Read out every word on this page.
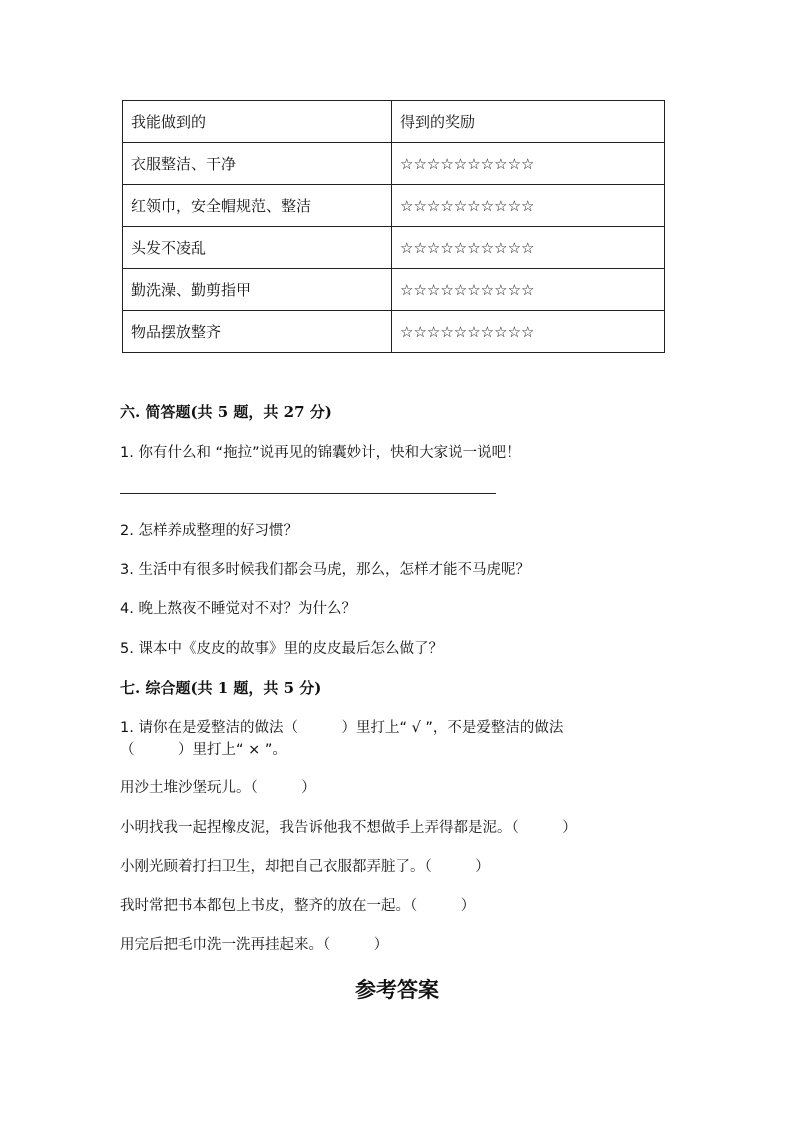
我能做到的	得到的奖励
衣服整洁、干净	☆☆☆☆☆☆☆☆☆☆
红领巾，安全帽规范、整洁	☆☆☆☆☆☆☆☆☆☆
头发不凌乱	☆☆☆☆☆☆☆☆☆☆
勤洗澡、勤剪指甲	☆☆☆☆☆☆☆☆☆☆
物品摆放整齐	☆☆☆☆☆☆☆☆☆☆
六. 简答题(共 5 题，共 27 分)
1. 你有什么和 “拖拉”说再见的锦囊妙计，快和大家说一说吧！
2. 怎样养成整理的好习惯？
3. 生活中有很多时候我们都会马虎，那么，怎样才能不马虎呢？
4. 晚上熬夜不睡觉对不对？为什么？
5. 课本中《皮皮的故事》里的皮皮最后怎么做了？
七. 综合题(共 1 题，共 5 分)
1. 请你在是爱整洁的做法（　　　）里打上“ √ ”，不是爱整洁的做法
（　　　）里打上“ × ”。
用沙土堆沙堡玩儿。（　　　）
小明找我一起捏橡皮泥，我告诉他我不想做手上弄得都是泥。（　　　）
小刚光顾着打扫卫生，却把自己衣服都弄脏了。（　　　）
我时常把书本都包上书皮，整齐的放在一起。（　　　）
用完后把毛巾洗一洗再挂起来。（　　　）
参考答案
